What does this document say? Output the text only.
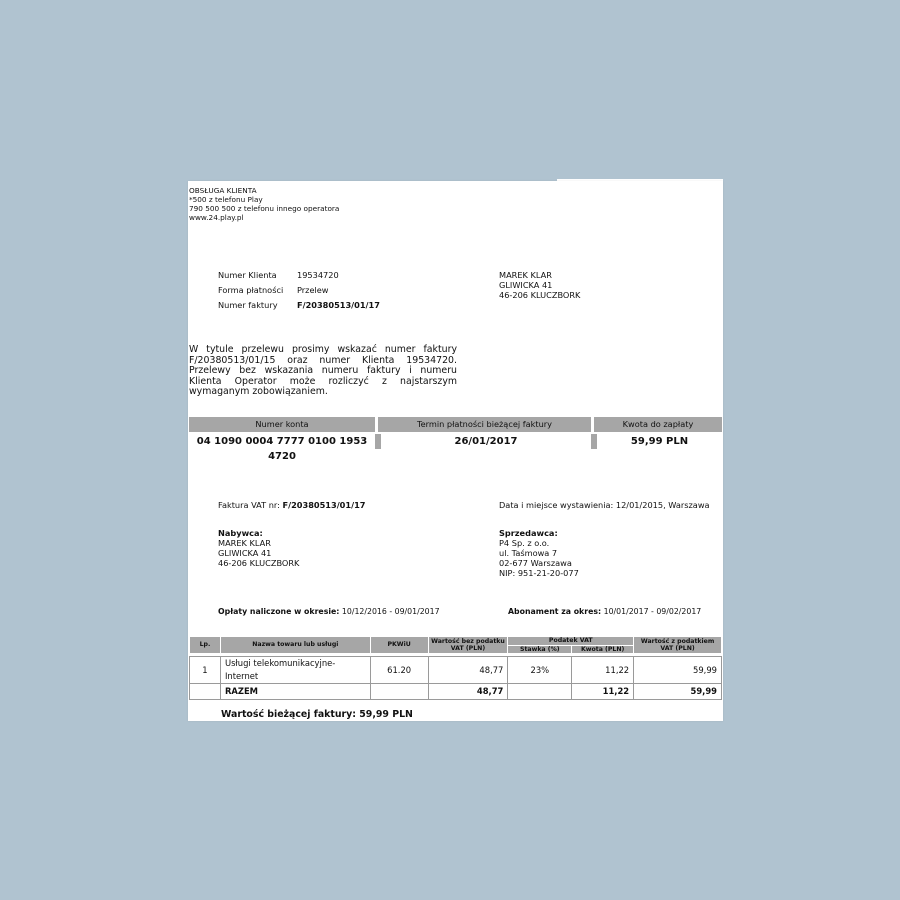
OBSŁUGA KLIENTA
*500 z telefonu Play
790 500 500 z telefonu innego operatora
www.24.play.pl
Numer Klienta 19534720
Forma płatności Przelew
Numer faktury F/20380513/01/17
MAREK KLAR
GLIWICKA 41
46-206 KLUCZBORK
W tytule przelewu prosimy wskazać numer faktury F/20380513/01/15 oraz numer Klienta 19534720. Przelewy bez wskazania numeru faktury i numeru Klienta Operator może rozliczyć z najstarszym wymaganym zobowiązaniem.
Numer konta	Termin płatności bieżącej faktury	Kwota do zapłaty
04 1090 0004 7777 0100 1953 4720
26/01/2017	59,99 PLN
Faktura VAT nr: F/20380513/01/17	Data i miejsce wystawienia: 12/01/2015, Warszawa
Nabywca:
MAREK KLAR
GLIWICKA 41
46-206 KLUCZBORK
Sprzedawca:
P4 Sp. z o.o.
ul. Taśmowa 7
02-677 Warszawa
NIP: 951-21-20-077
Opłaty naliczone w okresie: 10/12/2016 - 09/01/2017	Abonament za okres: 10/01/2017 - 09/02/2017
Lp.	Nazwa towaru lub usługi	PKWiU	Wartość bez podatku VAT (PLN)	Podatek VAT		Wartość z podatkiem VAT (PLN)
				Stawka (%)	Kwota (PLN)	

1	Usługi telekomunikacyjne- Internet	61.20	48,77	23%	11,22	59,99
	RAZEM		48,77		11,22	59,99
Wartość bieżącej faktury: 59,99 PLN
